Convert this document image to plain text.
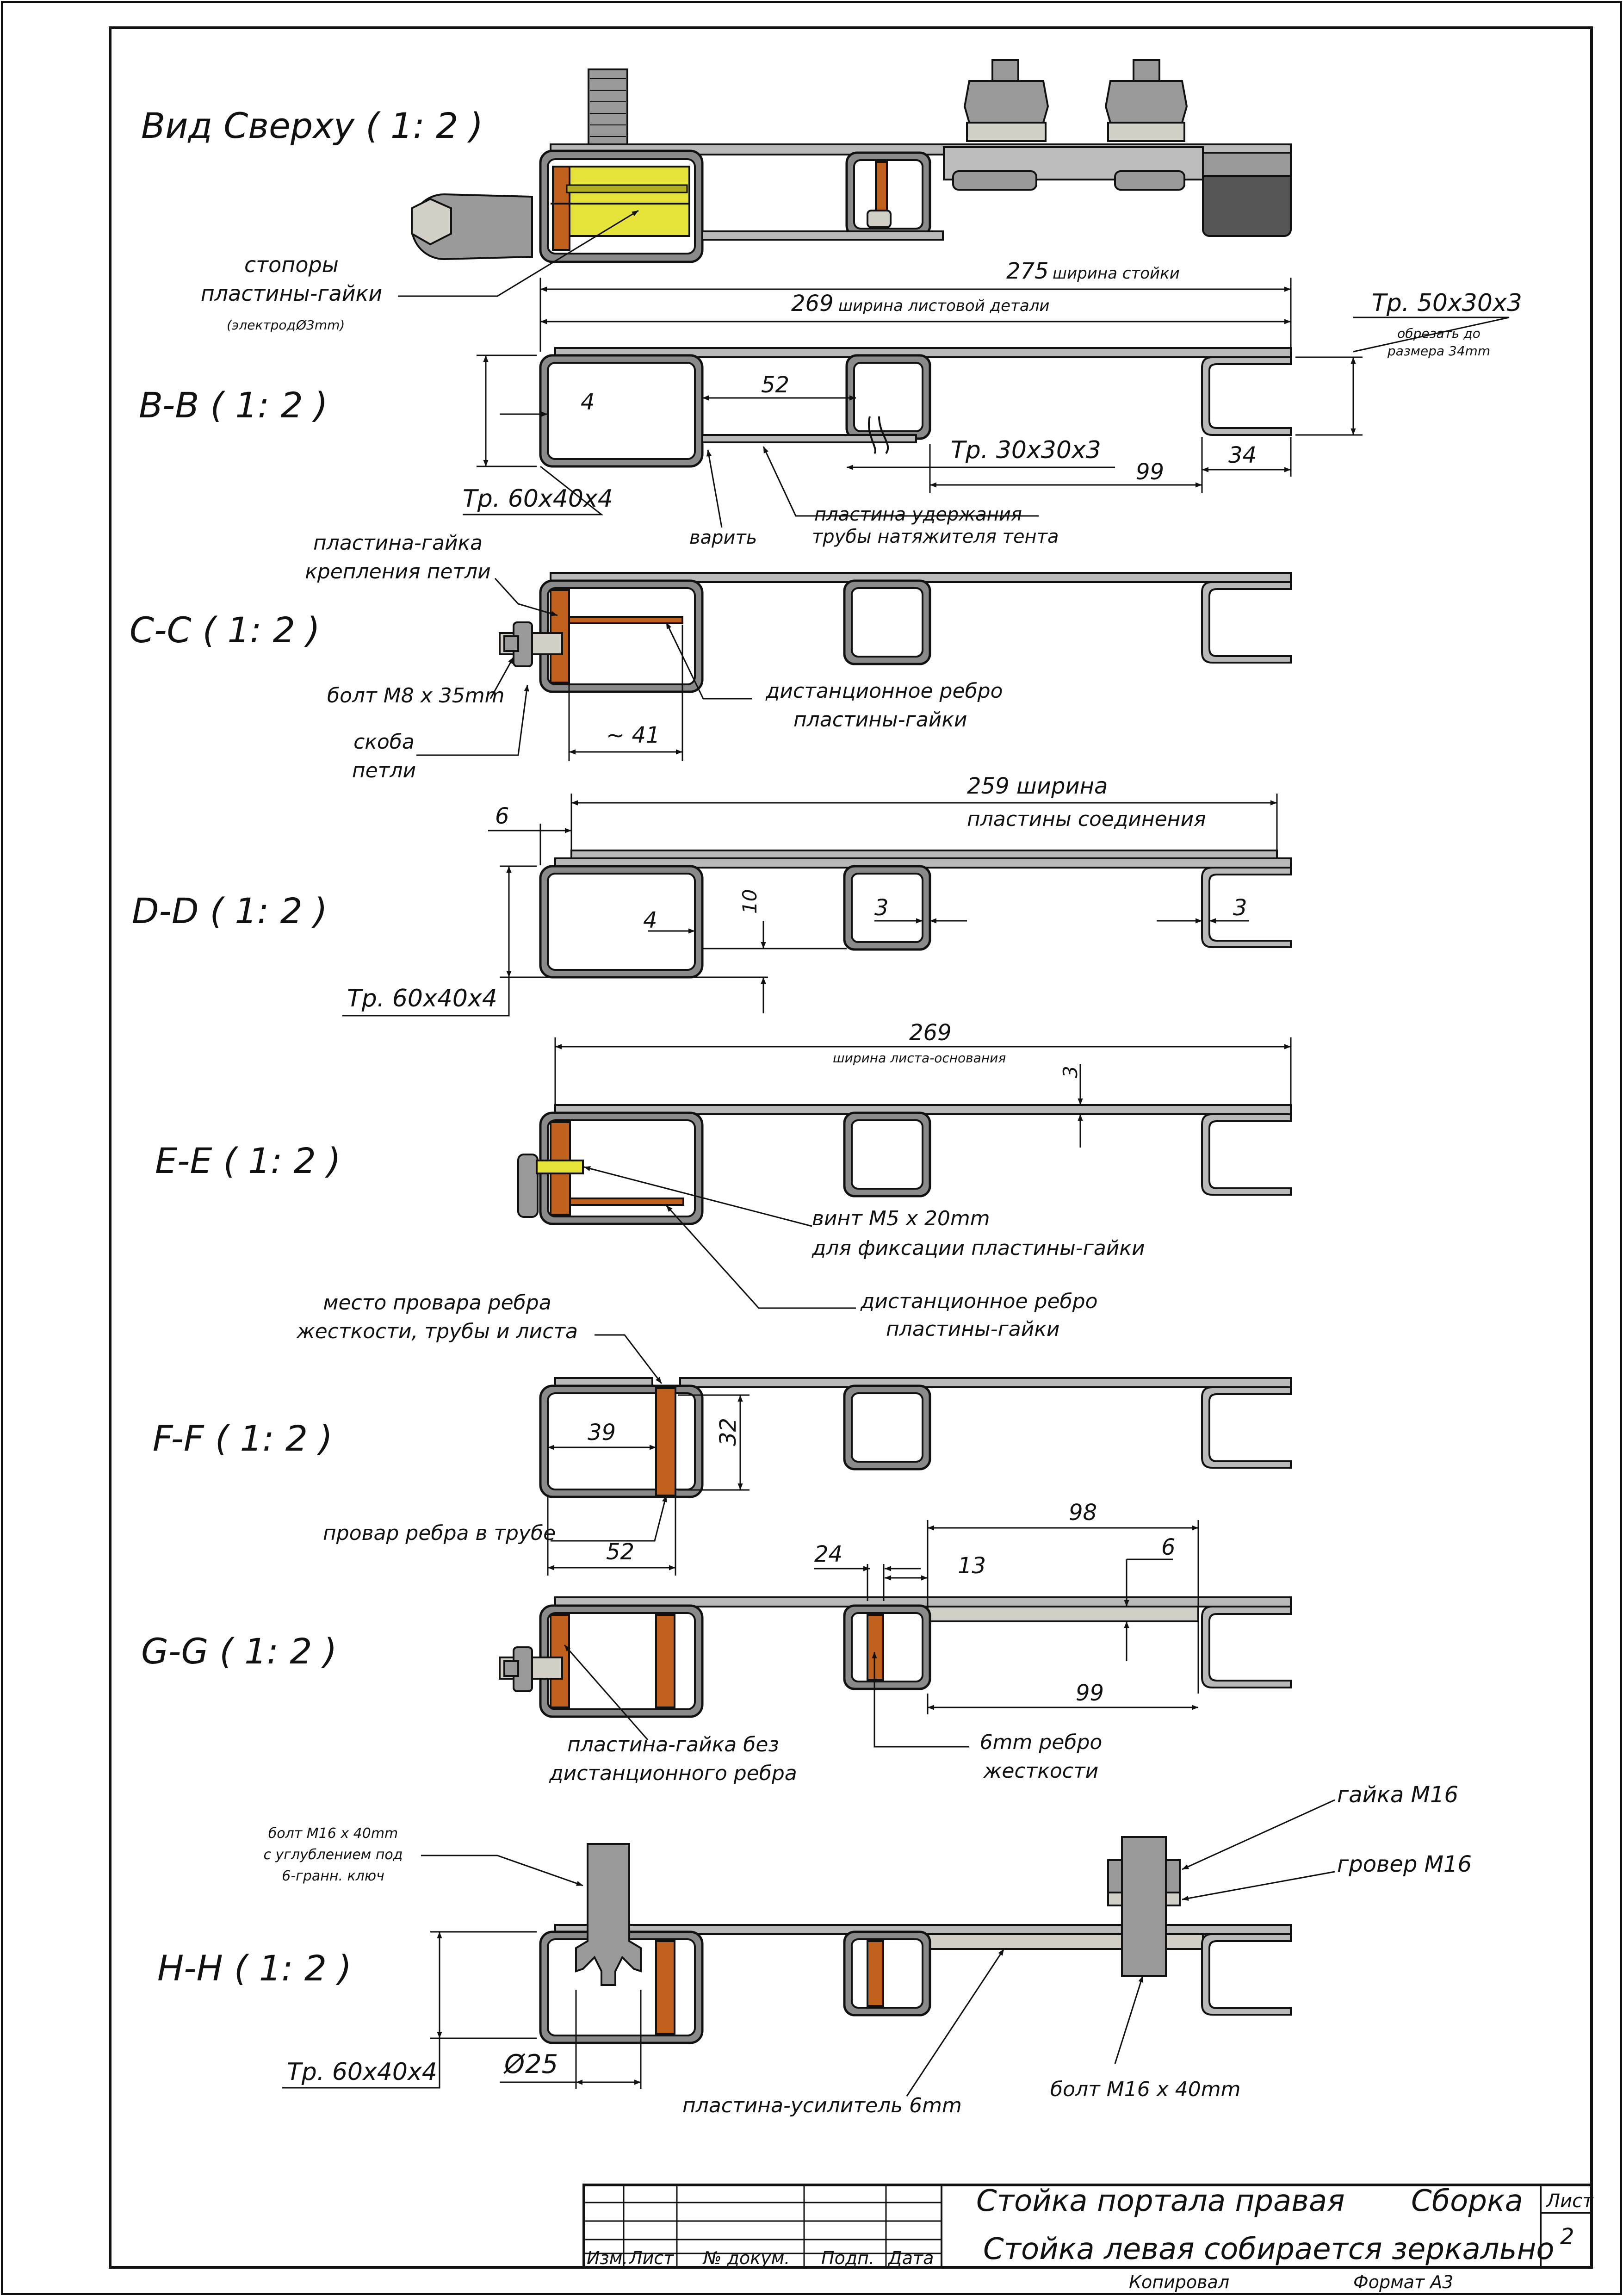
Вид Сверху ( 1: 2 )
стопоры
пластины-гайки
(электрод Ø 3mm)
275 ширина стойки
269 ширина листовой детали
B-B ( 1: 2 )
Тр. 60x40x4
4
52
Тр. 30x30x3
99
34
Тр. 50x30x3
обрезать до
размера 34mm
варить
пластина удержания
трубы натяжителя тента
C-C ( 1: 2 )
пластина-гайка
крепления петли
болт M8 x 35mm
скоба
петли
~ 41
дистанционное ребро
пластины-гайки
D-D ( 1: 2 )
259 ширина
пластины соединения
6
Тр. 60x40x4
4
10	3	3
E-E ( 1: 2 )
269
ширина листа-основания
3
винт M5 x 20mm
для фиксации пластины-гайки
дистанционное ребро
пластины-гайки
F-F ( 1: 2 )
место провара ребра
жесткости, трубы и листа
39	32
52
провар ребра в трубе
G-G ( 1: 2 )
98
24	13
6
99
пластина-гайка без
дистанционного ребра
6mm ребро
жесткости
H-H ( 1: 2 )
болт M16 x 40mm
с углублением под
6-гранн. ключ
гайка M16
гровер M16
Тр. 60x40x4	Ø 25
пластина-усилитель 6mm
болт M16 x 40mm
Изм. Лист № докум. Подп. Дата
Стойка портала правая Сборка
Стойка левая собирается зеркально
Лист
2
Копировал	Формат А3
